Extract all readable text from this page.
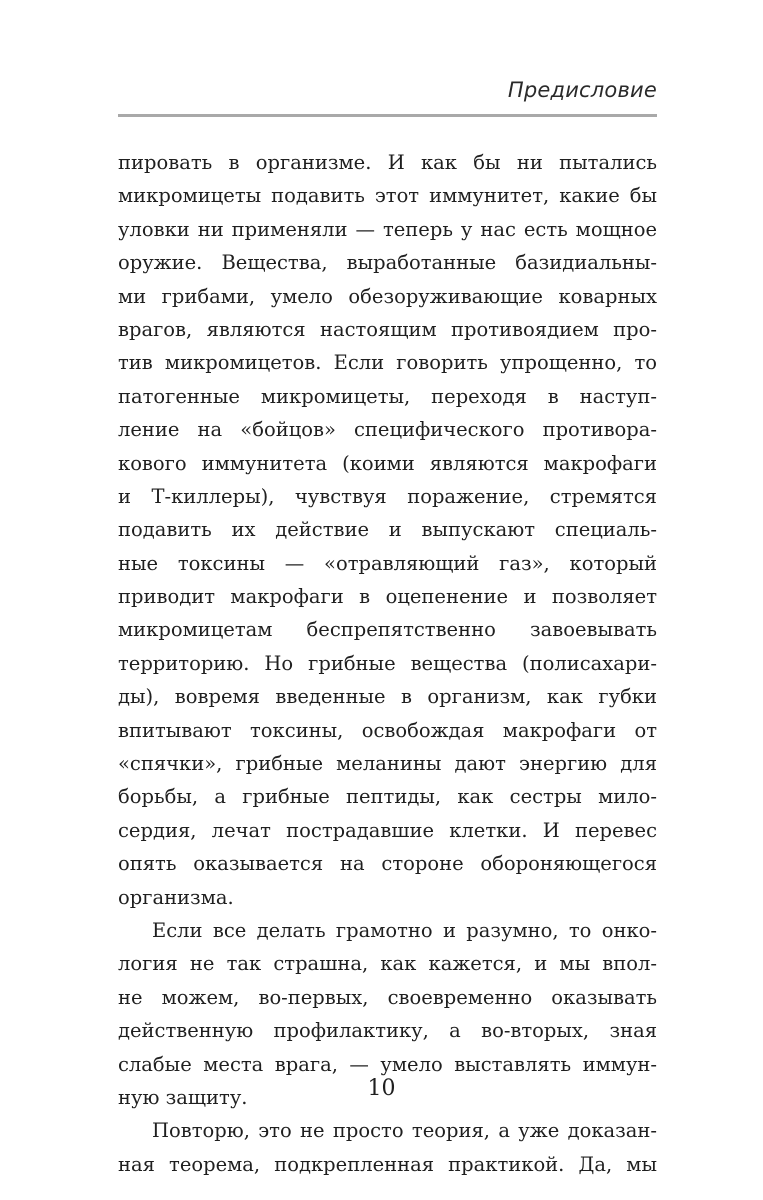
Предисловие
пировать в организме. И как бы ни пытались
микромицеты подавить этот иммунитет, какие бы
уловки ни применяли — теперь у нас есть мощное
оружие. Вещества, выработанные базидиальны-
ми грибами, умело обезоруживающие коварных
врагов, являются настоящим противоядием про-
тив микромицетов. Если говорить упрощенно, то
патогенные микромицеты, переходя в наступ-
ление на «бойцов» специфического противора-
кового иммунитета (коими являются макрофаги
и Т-киллеры), чувствуя поражение, стремятся
подавить их действие и выпускают специаль-
ные токсины — «отравляющий газ», который
приводит макрофаги в оцепенение и позволяет
микромицетам беспрепятственно завоевывать
территорию. Но грибные вещества (полисахари-
ды), вовремя введенные в организм, как губки
впитывают токсины, освобождая макрофаги от
«спячки», грибные меланины дают энергию для
борьбы, а грибные пептиды, как сестры мило-
сердия, лечат пострадавшие клетки. И перевес
опять оказывается на стороне обороняющегося
организма.
Если все делать грамотно и разумно, то онко-
логия не так страшна, как кажется, и мы впол-
не можем, во-первых, своевременно оказывать
действенную профилактику, а во-вторых, зная
слабые места врага, — умело выставлять иммун-
ную защиту.
Повторю, это не просто теория, а уже доказан-
ная теорема, подкрепленная практикой. Да, мы
10
